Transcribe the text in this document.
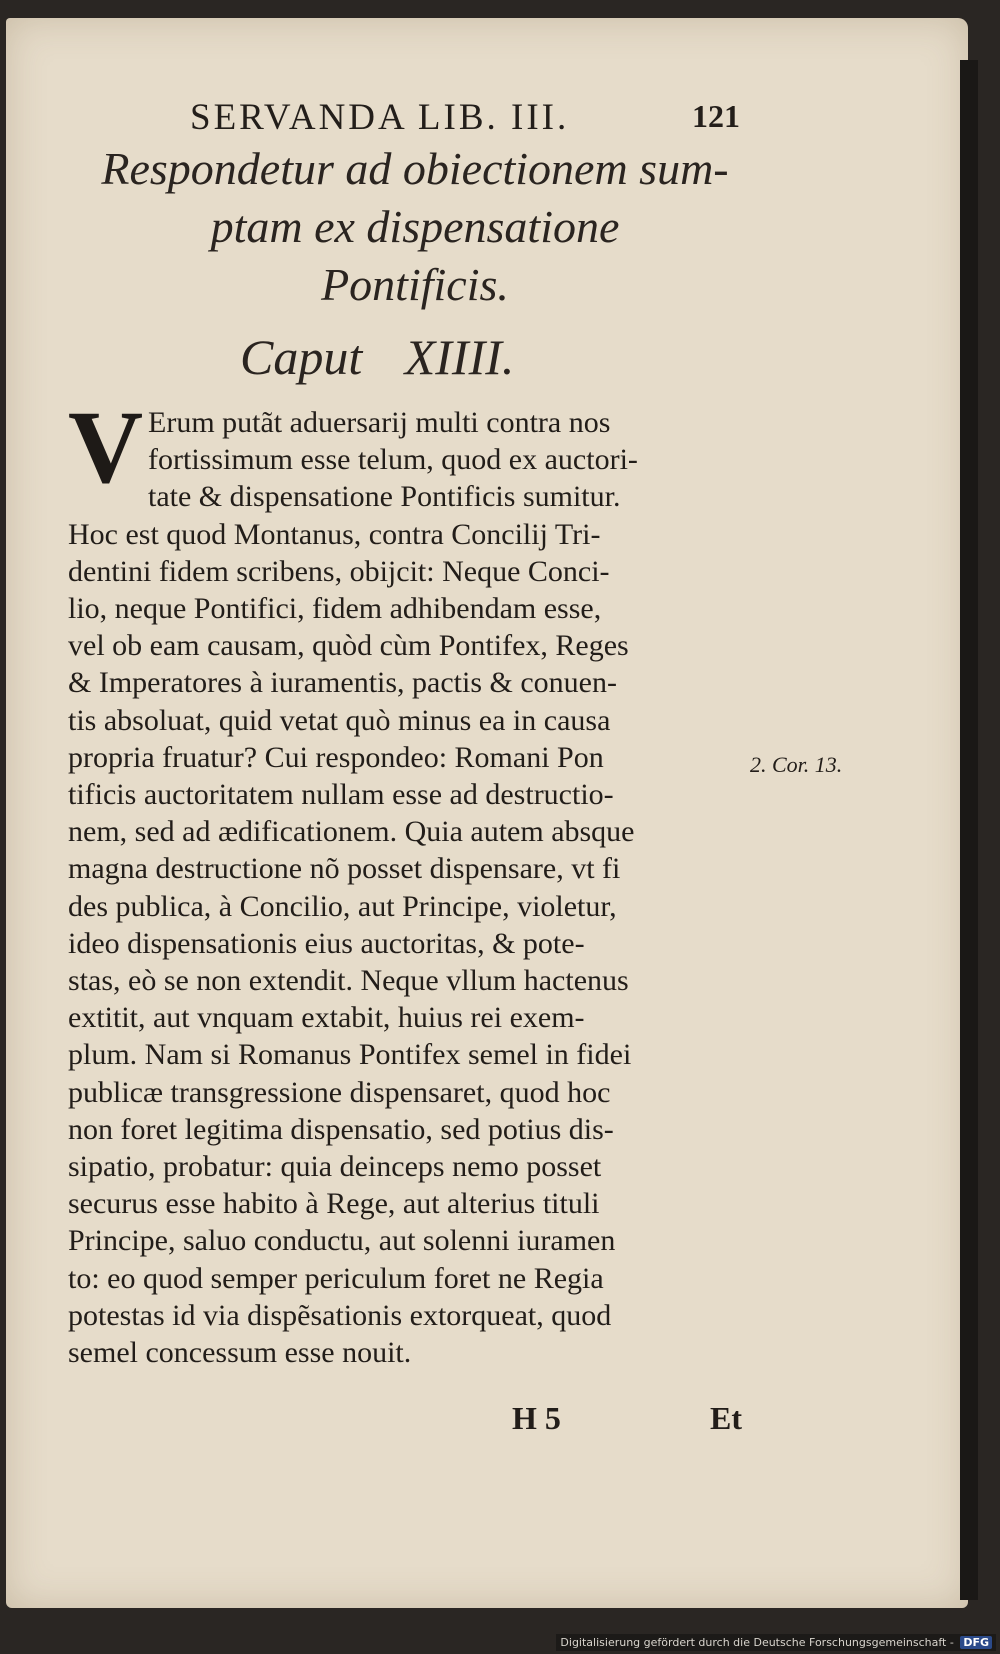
SERVANDA LIB. III.	121
Respondetur ad obiectionem sum-
ptam ex dispensatione
Pontificis.
Caput XIIII.
V Erum putãt aduersarij multi contra nos
fortissimum esse telum, quod ex auctori-
tate & dispensatione Pontificis sumitur.
Hoc est quod Montanus, contra Concilij Tri-
dentini fidem scribens, obijcit: Neque Conci-
lio, neque Pontifici, fidem adhibendam esse,
vel ob eam causam, quòd cùm Pontifex, Reges
& Imperatores à iuramentis, pactis & conuen-
tis absoluat, quid vetat quò minus ea in causa
propria fruatur? Cui respondeo: Romani Pon
tificis auctoritatem nullam esse ad destructio-
nem, sed ad ædificationem. Quia autem absque
magna destructione nõ posset dispensare, vt fi
des publica, à Concilio, aut Principe, violetur,
ideo dispensationis eius auctoritas, & pote-
stas, eò se non extendit. Neque vllum hactenus
extitit, aut vnquam extabit, huius rei exem-
plum. Nam si Romanus Pontifex semel in fidei
publicæ transgressione dispensaret, quod hoc
non foret legitima dispensatio, sed potius dis-
sipatio, probatur: quia deinceps nemo posset
securus esse habito à Rege, aut alterius tituli
Principe, saluo conductu, aut solenni iuramen
to: eo quod semper periculum foret ne Regia
potestas id via dispẽsationis extorqueat, quod
semel concessum esse nouit.
2. Cor. 13.
H 5	Et
Digitalisierung gefördert durch die Deutsche Forschungsgemeinschaft - DFG
